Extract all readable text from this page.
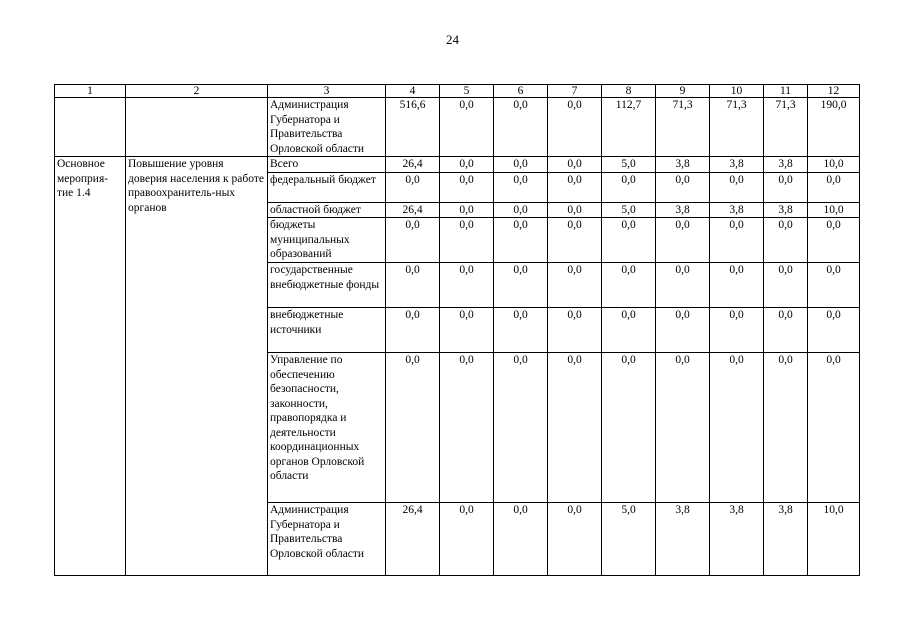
24
1	2	3	4	5	6	7	8	9	10	11	12
		Администрация Губернатора и Правительства Орловской области	516,6	0,0	0,0	0,0	112,7	71,3	71,3	71,3	190,0
Основное мероприя-тие 1.4	Повышение уровня доверия населения к работе правоохранитель-ных органов	Всего	26,4	0,0	0,0	0,0	5,0	3,8	3,8	3,8	10,0
		федеральный бюджет	0,0	0,0	0,0	0,0	0,0	0,0	0,0	0,0	0,0
		областной бюджет	26,4	0,0	0,0	0,0	5,0	3,8	3,8	3,8	10,0
		бюджеты муниципальных образований	0,0	0,0	0,0	0,0	0,0	0,0	0,0	0,0	0,0
		государственные внебюджетные фонды	0,0	0,0	0,0	0,0	0,0	0,0	0,0	0,0	0,0
		внебюджетные источники	0,0	0,0	0,0	0,0	0,0	0,0	0,0	0,0	0,0
		Управление по обеспечению безопасности, законности, правопорядка и деятельности координационных органов Орловской области	0,0	0,0	0,0	0,0	0,0	0,0	0,0	0,0	0,0
		Администрация Губернатора и Правительства Орловской области	26,4	0,0	0,0	0,0	5,0	3,8	3,8	3,8	10,0
